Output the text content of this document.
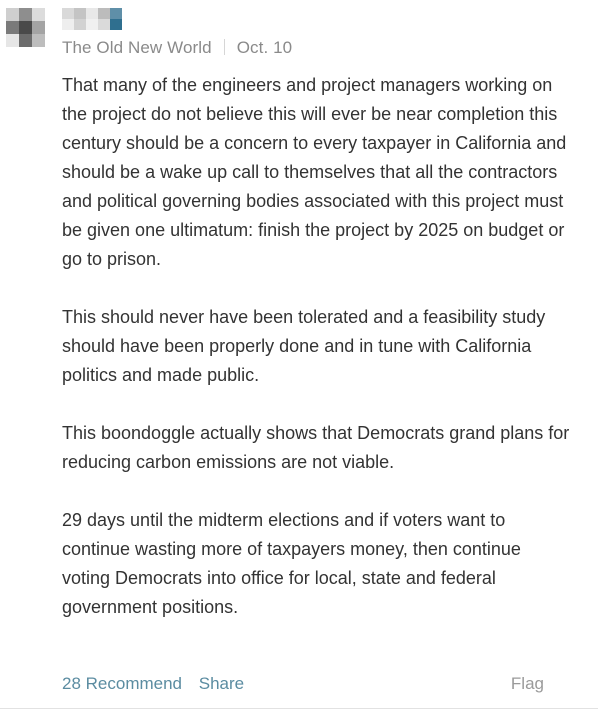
The Old New World Oct. 10

That many of the engineers and project managers working on the project do not believe this will ever be near completion this century should be a concern to every taxpayer in California and should be a wake up call to themselves that all the contractors and political governing bodies associated with this project must be given one ultimatum: finish the project by 2025 on budget or go to prison.

This should never have been tolerated and a feasibility study should have been properly done and in tune with California politics and made public.

This boondoggle actually shows that Democrats grand plans for reducing carbon emissions are not viable.

29 days until the midterm elections and if voters want to continue wasting more of taxpayers money, then continue voting Democrats into office for local, state and federal government positions.

28 Recommend Share	Flag
